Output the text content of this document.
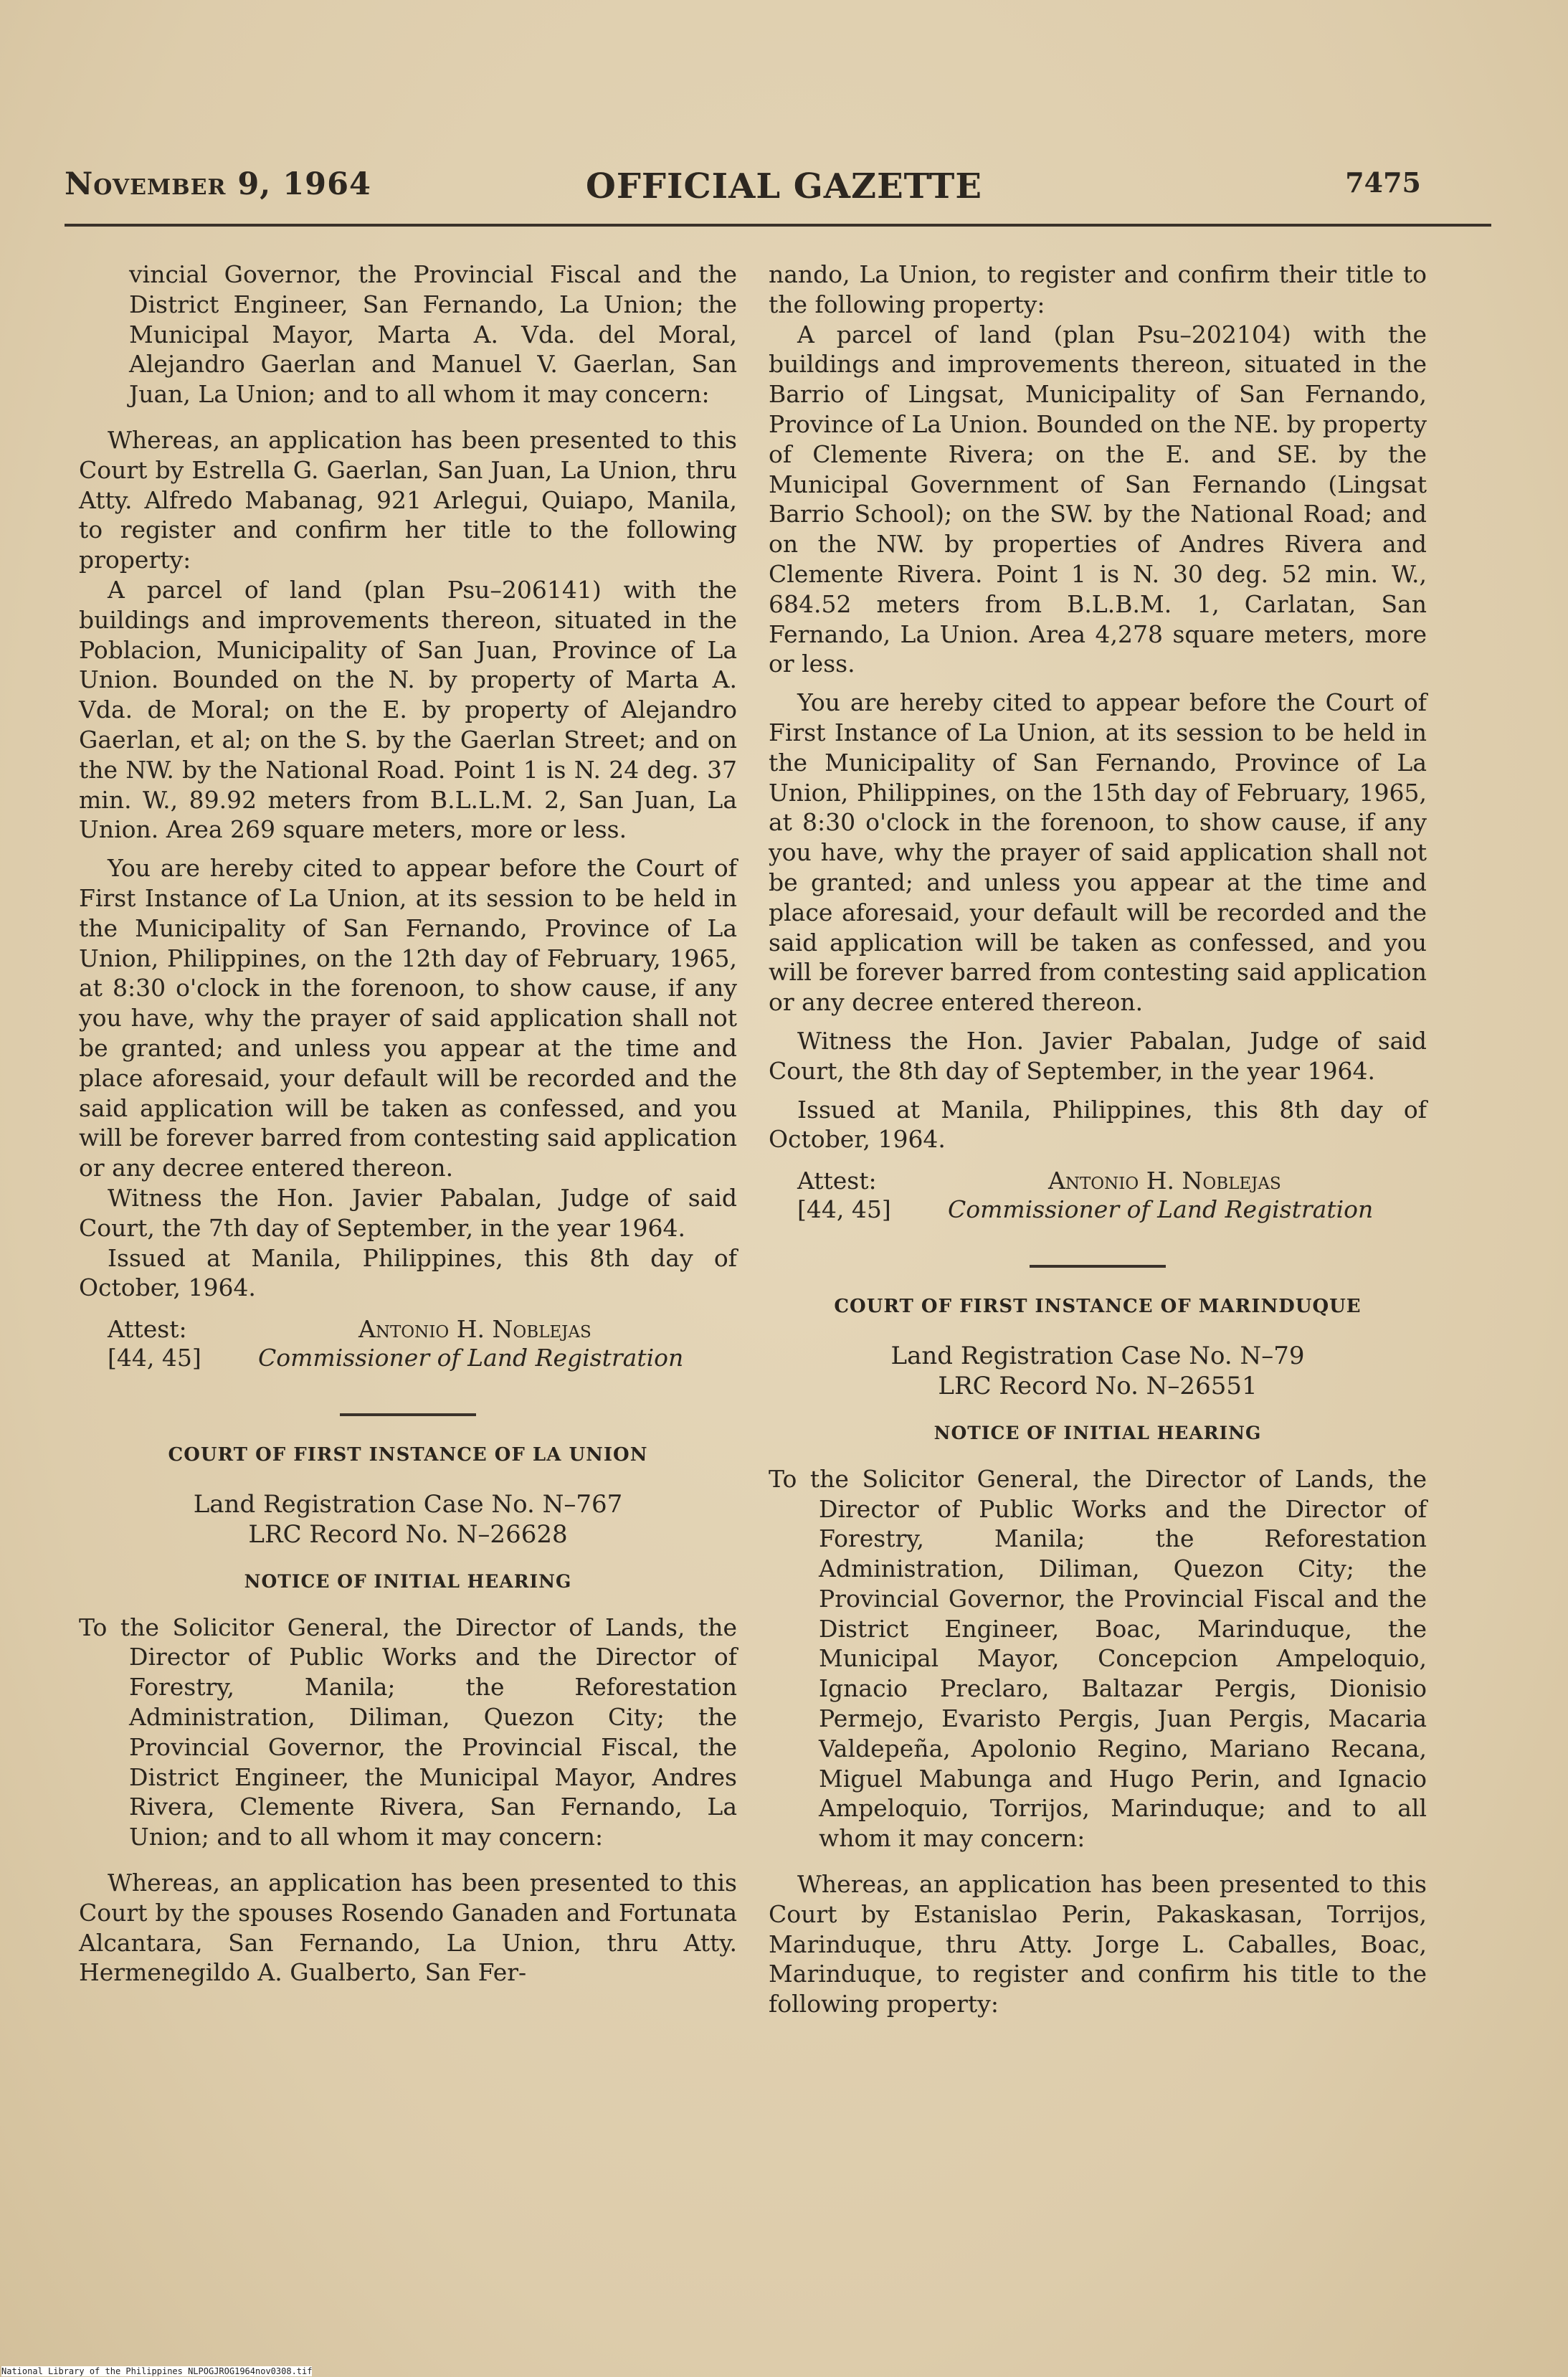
November 9, 1964	OFFICIAL GAZETTE	7475

vincial Governor, the Provincial Fiscal and the District Engineer, San Fernando, La Union; the Municipal Mayor, Marta A. Vda. del Moral, Alejandro Gaerlan and Manuel V. Gaerlan, San Juan, La Union; and to all whom it may concern:

Whereas, an application has been presented to this Court by Estrella G. Gaerlan, San Juan, La Union, thru Atty. Alfredo Mabanag, 921 Arlegui, Quiapo, Manila, to register and confirm her title to the following property:

A parcel of land (plan Psu–206141) with the buildings and improvements thereon, situated in the Poblacion, Municipality of San Juan, Province of La Union. Bounded on the N. by property of Marta A. Vda. de Moral; on the E. by property of Alejandro Gaerlan, et al; on the S. by the Gaerlan Street; and on the NW. by the National Road. Point 1 is N. 24 deg. 37 min. W., 89.92 meters from B.L.L.M. 2, San Juan, La Union. Area 269 square meters, more or less.

You are hereby cited to appear before the Court of First Instance of La Union, at its session to be held in the Municipality of San Fernando, Province of La Union, Philippines, on the 12th day of February, 1965, at 8:30 o'clock in the forenoon, to show cause, if any you have, why the prayer of said application shall not be granted; and unless you appear at the time and place aforesaid, your default will be recorded and the said application will be taken as confessed, and you will be forever barred from contesting said application or any decree entered thereon.

Witness the Hon. Javier Pabalan, Judge of said Court, the 7th day of September, in the year 1964.

Issued at Manila, Philippines, this 8th day of October, 1964.

Attest:	Antonio H. Noblejas
[44, 45] Commissioner of Land Registration
COURT OF FIRST INSTANCE OF LA UNION
Land Registration Case No. N–767
LRC Record No. N–26628
NOTICE OF INITIAL HEARING

To the Solicitor General, the Director of Lands, the Director of Public Works and the Director of Forestry, Manila; the Reforestation Administration, Diliman, Quezon City; the Provincial Governor, the Provincial Fiscal, the District Engineer, the Municipal Mayor, Andres Rivera, Clemente Rivera, San Fernando, La Union; and to all whom it may concern:

Whereas, an application has been presented to this Court by the spouses Rosendo Ganaden and Fortunata Alcantara, San Fernando, La Union, thru Atty. Hermenegildo A. Gualberto, San Fer-

nando, La Union, to register and confirm their title to the following property:

A parcel of land (plan Psu–202104) with the buildings and improvements thereon, situated in the Barrio of Lingsat, Municipality of San Fernando, Province of La Union. Bounded on the NE. by property of Clemente Rivera; on the E. and SE. by the Municipal Government of San Fernando (Lingsat Barrio School); on the SW. by the National Road; and on the NW. by properties of Andres Rivera and Clemente Rivera. Point 1 is N. 30 deg. 52 min. W., 684.52 meters from B.L.B.M. 1, Carlatan, San Fernando, La Union. Area 4,278 square meters, more or less.

You are hereby cited to appear before the Court of First Instance of La Union, at its session to be held in the Municipality of San Fernando, Province of La Union, Philippines, on the 15th day of February, 1965, at 8:30 o'clock in the forenoon, to show cause, if any you have, why the prayer of said application shall not be granted; and unless you appear at the time and place aforesaid, your default will be recorded and the said application will be taken as confessed, and you will be forever barred from contesting said application or any decree entered thereon.

Witness the Hon. Javier Pabalan, Judge of said Court, the 8th day of September, in the year 1964.

Issued at Manila, Philippines, this 8th day of October, 1964.

Attest:	Antonio H. Noblejas
[44, 45] Commissioner of Land Registration
COURT OF FIRST INSTANCE OF MARINDUQUE
Land Registration Case No. N–79
LRC Record No. N–26551
NOTICE OF INITIAL HEARING

To the Solicitor General, the Director of Lands, the Director of Public Works and the Director of Forestry, Manila; the Reforestation Administration, Diliman, Quezon City; the Provincial Governor, the Provincial Fiscal and the District Engineer, Boac, Marinduque, the Municipal Mayor, Concepcion Ampeloquio, Ignacio Preclaro, Baltazar Pergis, Dionisio Permejo, Evaristo Pergis, Juan Pergis, Macaria Valdepeña, Apolonio Regino, Mariano Recana, Miguel Mabunga and Hugo Perin, and Ignacio Ampeloquio, Torrijos, Marinduque; and to all whom it may concern:

Whereas, an application has been presented to this Court by Estanislao Perin, Pakaskasan, Torrijos, Marinduque, thru Atty. Jorge L. Caballes, Boac, Marinduque, to register and confirm his title to the following property:

National Library of the Philippines NLPOGJROG1964nov0308.tif
